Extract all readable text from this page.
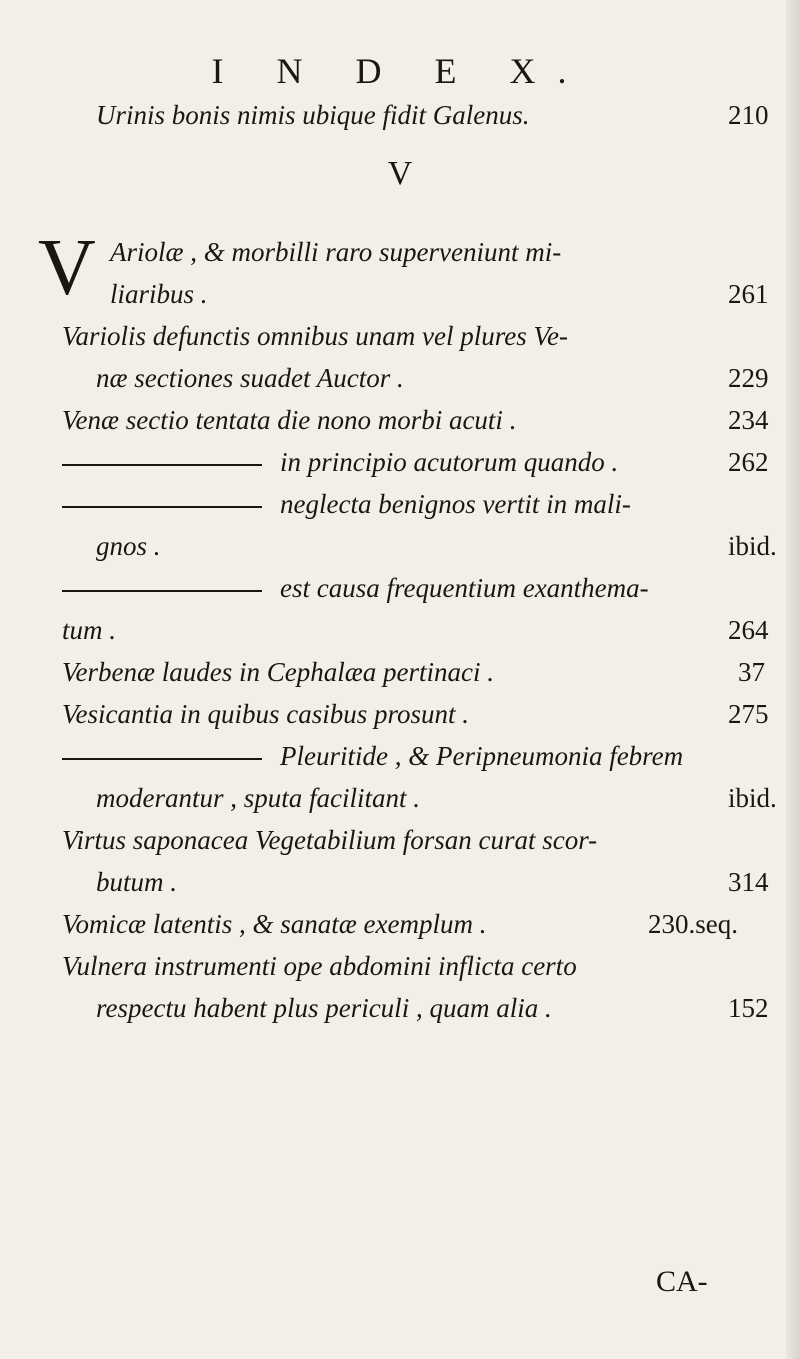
I N D E X.
Urinis bonis nimis ubique fidit Galenus.	210
V
V Ariolæ , & morbilli raro superveniunt mi-
liaribus .	261
Variolis defunctis omnibus unam vel plures Ve-
næ sectiones suadet Auctor .	229
Venæ sectio tentata die nono morbi acuti .	234
in principio acutorum quando .	262
neglecta benignos vertit in mali-
gnos .	ibid.
est causa frequentium exanthema-
tum .	264
Verbenæ laudes in Cephalæa pertinaci .	37
Vesicantia in quibus casibus prosunt .	275
Pleuritide , & Peripneumonia febrem
moderantur , sputa facilitant .	ibid.
Virtus saponacea Vegetabilium forsan curat scor-
butum .	314
Vomicæ latentis , & sanatæ exemplum .	230.seq.
Vulnera instrumenti ope abdomini inflicta certo
respectu habent plus periculi , quam alia .	152
CA-
